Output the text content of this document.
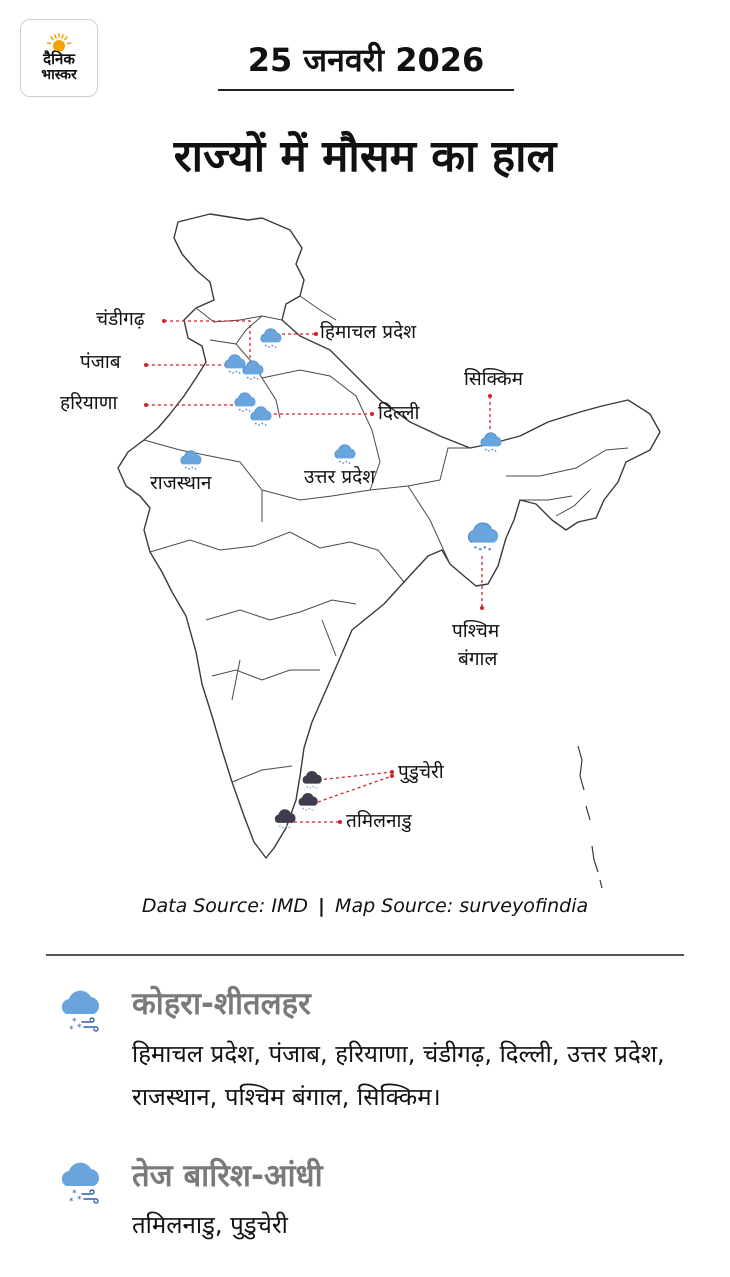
दैनिक
भास्कर	25 जनवरी 2026
राज्यों में मौसम का हाल
चंडीगढ़
हिमाचल प्रदेश
पंजाब
हरियाणा	दिल्ली
राजस्थान	उत्तर प्रदेश
सिक्किम
पश्चिम
बंगाल
पुडुचेरी
तमिलनाडु
Data Source: IMD | Map Source: surveyofindia
*
*
*
कोहरा-शीतलहर
हिमाचल प्रदेश, पंजाब, हरियाणा, चंडीगढ़, दिल्ली, उत्तर प्रदेश, राजस्थान, पश्चिम बंगाल, सिक्किम।
*
*
*
तेज बारिश-आंधी
तमिलनाडु, पुडुचेरी
